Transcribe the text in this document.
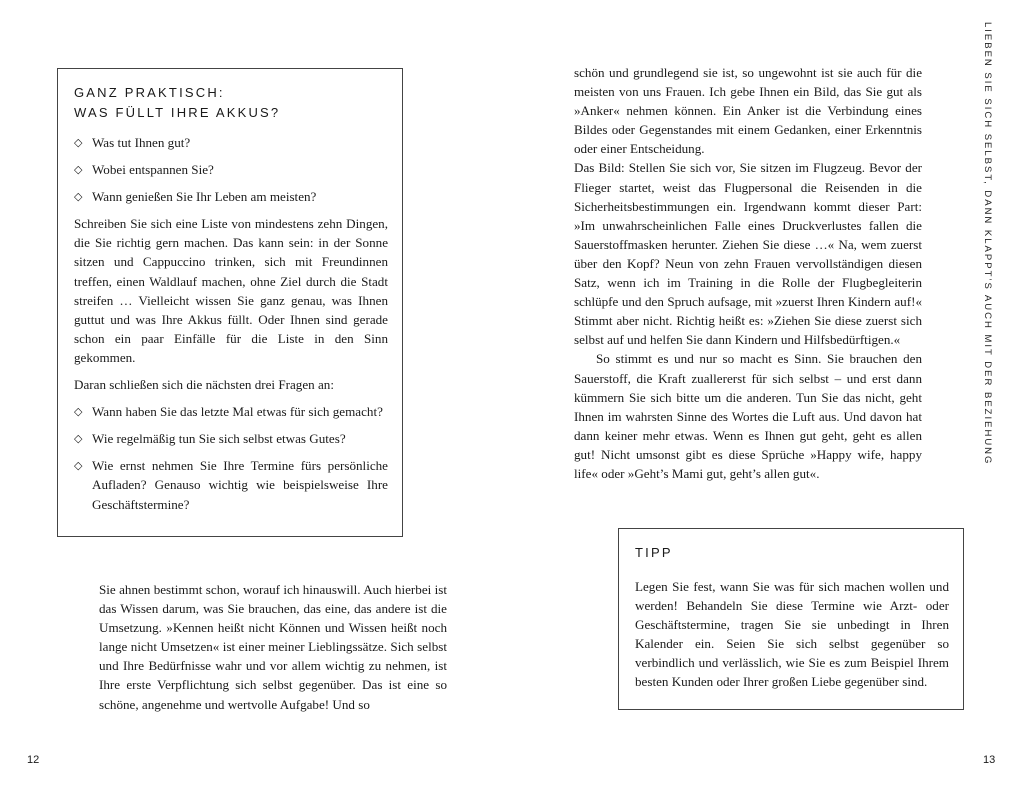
GANZ PRAKTISCH:
WAS FÜLLT IHRE AKKUS?
◇ Was tut Ihnen gut?
◇ Wobei entspannen Sie?
◇ Wann genießen Sie Ihr Leben am meisten?

Schreiben Sie sich eine Liste von mindestens zehn Dingen, die Sie richtig gern machen. Das kann sein: in der Sonne sitzen und Cappuccino trinken, sich mit Freundinnen treffen, einen Waldlauf machen, ohne Ziel durch die Stadt streifen … Vielleicht wissen Sie ganz genau, was Ihnen guttut und was Ihre Akkus füllt. Oder Ihnen sind gerade schon ein paar Einfälle für die Liste in den Sinn gekommen.

Daran schließen sich die nächsten drei Fragen an:

◇ Wann haben Sie das letzte Mal etwas für sich gemacht?
◇ Wie regelmäßig tun Sie sich selbst etwas Gutes?
◇ Wie ernst nehmen Sie Ihre Termine fürs persönliche Aufladen? Genauso wichtig wie beispielsweise Ihre Geschäftstermine?

Sie ahnen bestimmt schon, worauf ich hinauswill. Auch hierbei ist das Wissen darum, was Sie brauchen, das eine, das andere ist die Umsetzung. »Kennen heißt nicht Können und Wissen heißt noch lange nicht Umsetzen« ist einer meiner Lieblingssätze. Sich selbst und Ihre Bedürfnisse wahr und vor allem wichtig zu nehmen, ist Ihre erste Verpflichtung sich selbst gegenüber. Das ist eine so schöne, angenehme und wertvolle Aufgabe! Und so

12

schön und grundlegend sie ist, so ungewohnt ist sie auch für die meisten von uns Frauen. Ich gebe Ihnen ein Bild, das Sie gut als »Anker« nehmen können. Ein Anker ist die Verbindung eines Bildes oder Gegenstandes mit einem Gedanken, einer Erkenntnis oder einer Entscheidung.

Das Bild: Stellen Sie sich vor, Sie sitzen im Flugzeug. Bevor der Flieger startet, weist das Flugpersonal die Reisenden in die Sicherheitsbestimmungen ein. Irgendwann kommt dieser Part: »Im unwahrscheinlichen Falle eines Druckverlustes fallen die Sauerstoffmasken herunter. Ziehen Sie diese …« Na, wem zuerst über den Kopf? Neun von zehn Frauen vervollständigen diesen Satz, wenn ich im Training in die Rolle der Flugbegleiterin schlüpfe und den Spruch aufsage, mit »zuerst Ihren Kindern auf!« Stimmt aber nicht. Richtig heißt es: »Ziehen Sie diese zuerst sich selbst auf und helfen Sie dann Kindern und Hilfsbedürftigen.«

So stimmt es und nur so macht es Sinn. Sie brauchen den Sauerstoff, die Kraft zuallererst für sich selbst – und erst dann kümmern Sie sich bitte um die anderen. Tun Sie das nicht, geht Ihnen im wahrsten Sinne des Wortes die Luft aus. Und davon hat dann keiner mehr etwas. Wenn es Ihnen gut geht, geht es allen gut! Nicht umsonst gibt es diese Sprüche »Happy wife, happy life« oder »Geht’s Mami gut, geht’s allen gut«.

TIPP

Legen Sie fest, wann Sie was für sich machen wollen und werden! Behandeln Sie diese Termine wie Arzt- oder Geschäftstermine, tragen Sie sie unbedingt in Ihren Kalender ein. Seien Sie sich selbst gegenüber so verbindlich und verlässlich, wie Sie es zum Beispiel Ihrem besten Kunden oder Ihrer großen Liebe gegenüber sind.

LIEBEN SIE SICH SELBST, DANN KLAPPT’S AUCH MIT DER BEZIEHUNG
13
